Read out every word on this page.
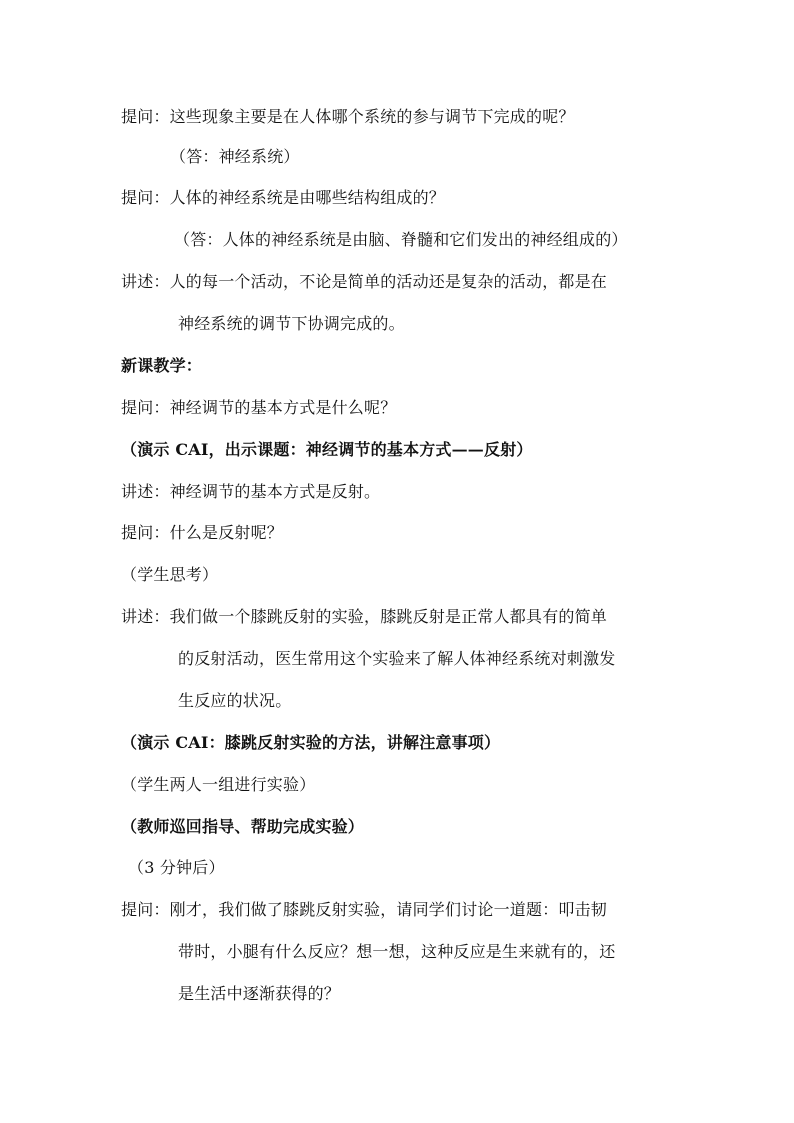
提问：这些现象主要是在人体哪个系统的参与调节下完成的呢？
（答：神经系统）
提问：人体的神经系统是由哪些结构组成的？
（答：人体的神经系统是由脑、脊髓和它们发出的神经组成的）
讲述：人的每一个活动，不论是简单的活动还是复杂的活动，都是在
神经系统的调节下协调完成的。
新课教学：
提问：神经调节的基本方式是什么呢？
（演示 CAI，出示课题：神经调节的基本方式——反射）
讲述：神经调节的基本方式是反射。
提问：什么是反射呢？
（学生思考）
讲述：我们做一个膝跳反射的实验，膝跳反射是正常人都具有的简单
的反射活动，医生常用这个实验来了解人体神经系统对刺激发
生反应的状况。
（演示 CAI：膝跳反射实验的方法，讲解注意事项）
（学生两人一组进行实验）
（教师巡回指导、帮助完成实验）
（3 分钟后）
提问：刚才，我们做了膝跳反射实验，请同学们讨论一道题：叩击韧
带时，小腿有什么反应？想一想，这种反应是生来就有的，还
是生活中逐渐获得的？
